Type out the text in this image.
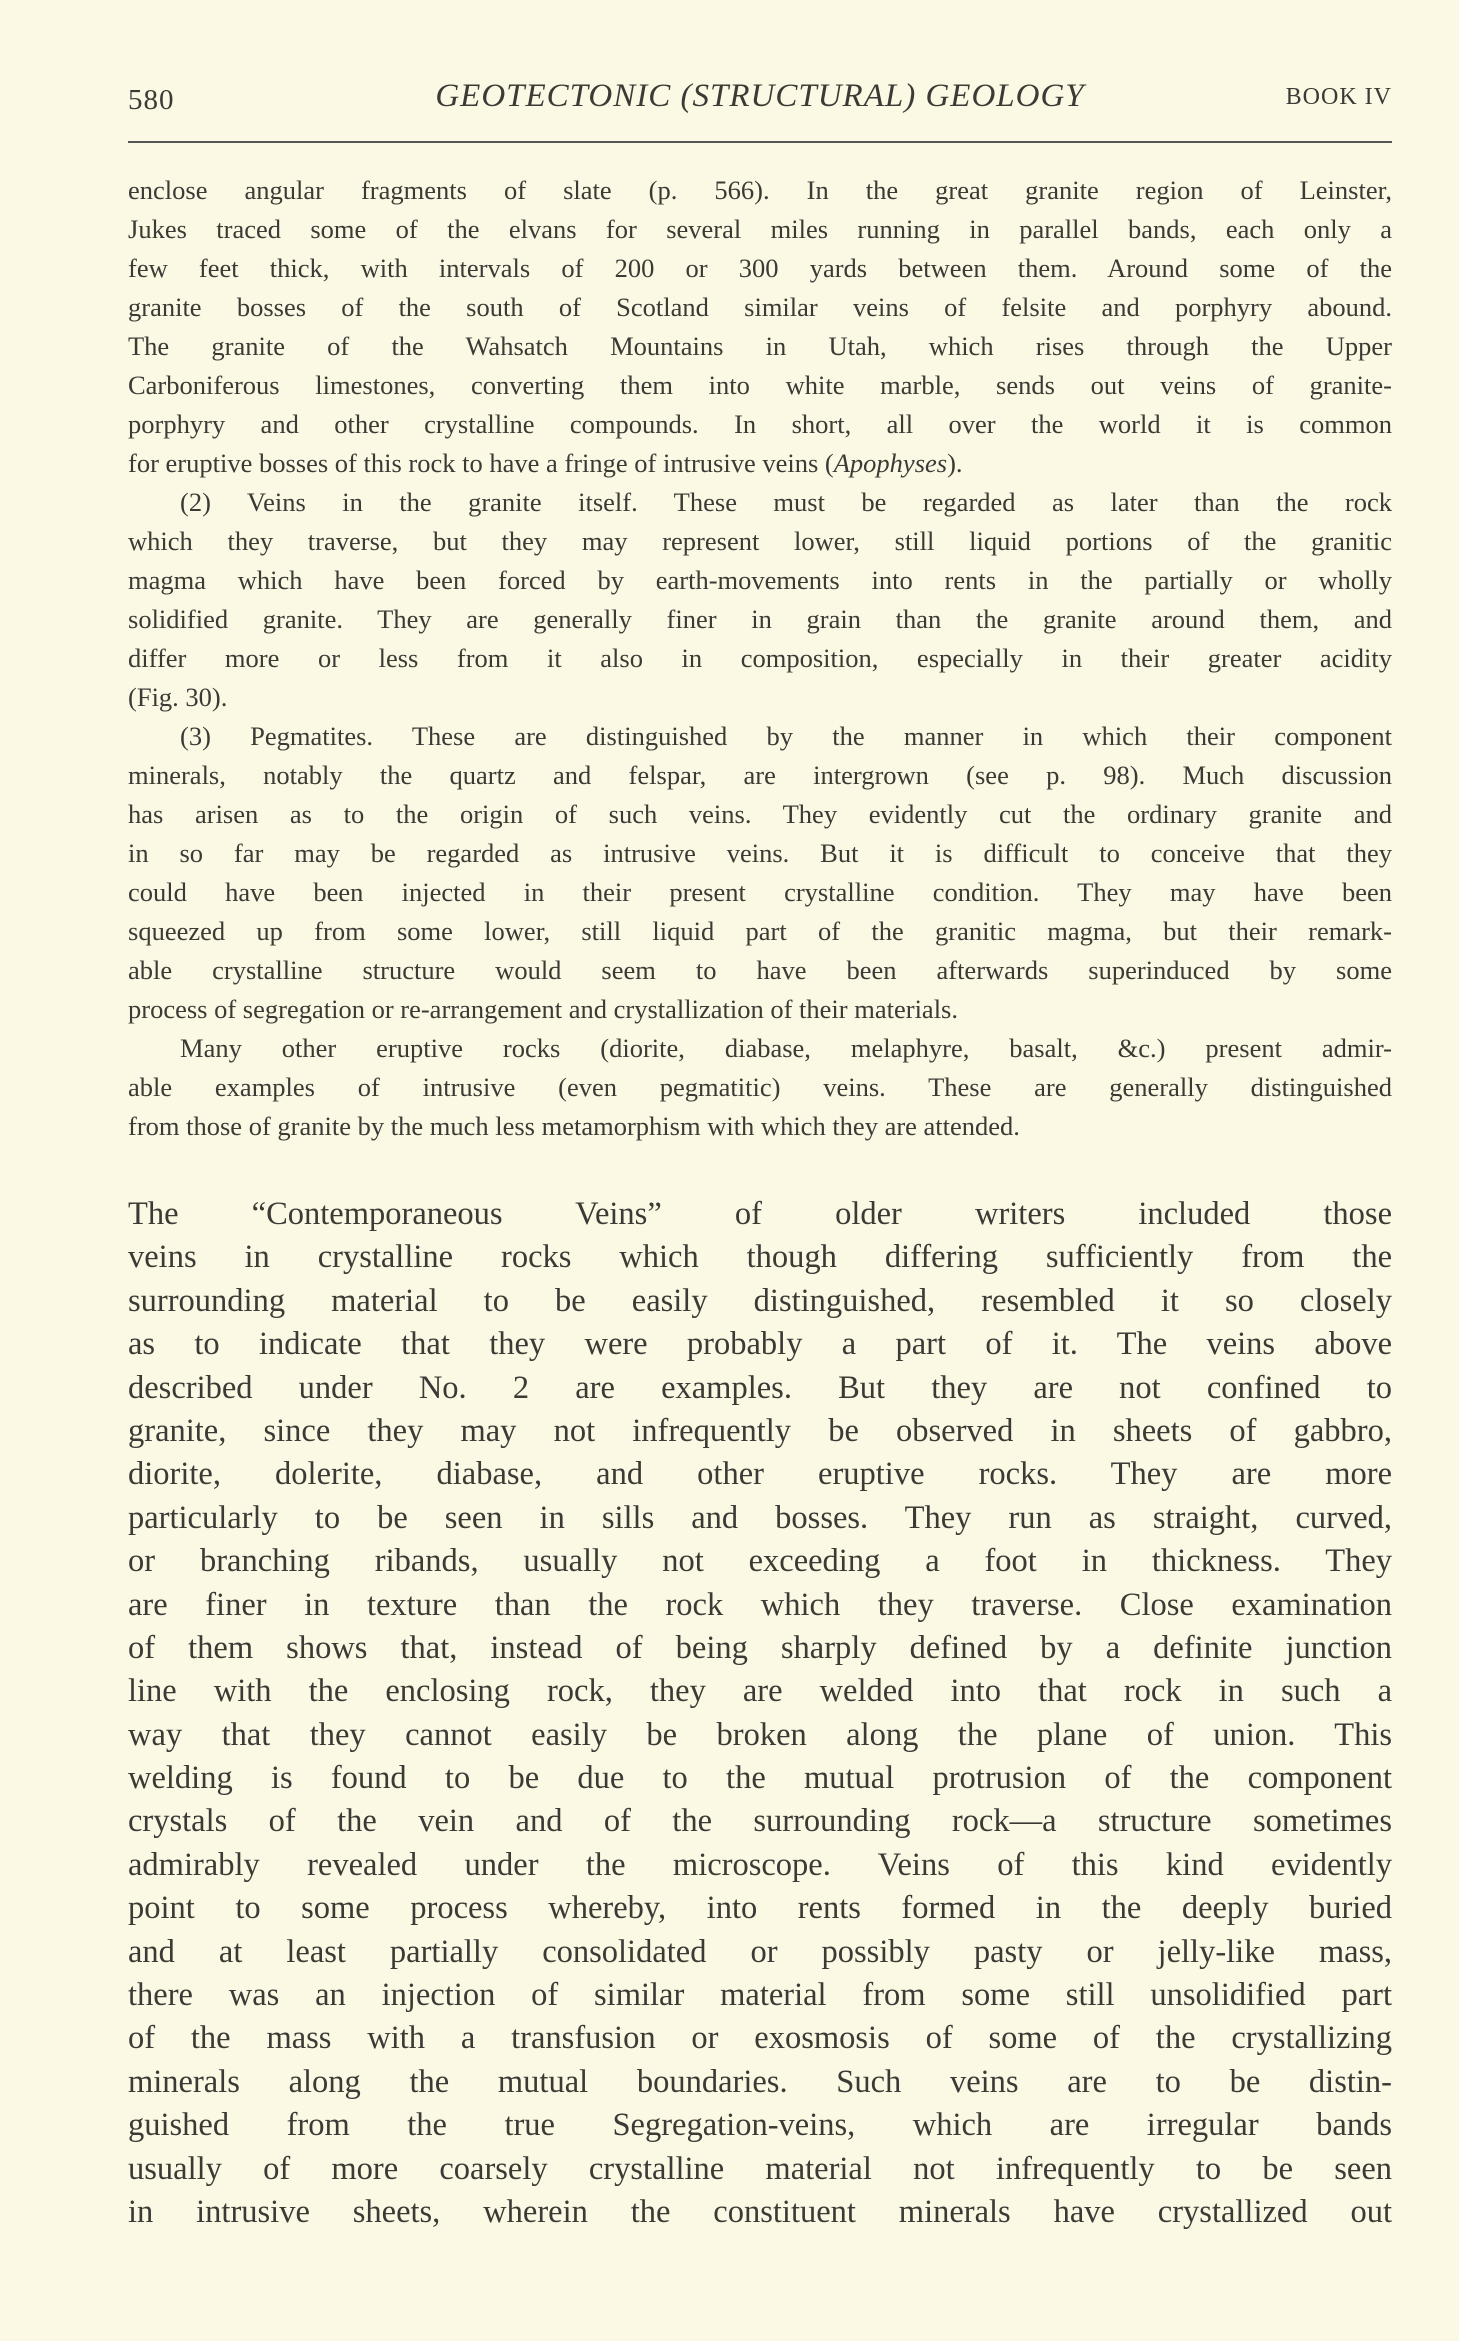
580	GEOTECTONIC (STRUCTURAL) GEOLOGY	BOOK IV
enclose angular fragments of slate (p. 566). In the great granite region of Leinster,
Jukes traced some of the elvans for several miles running in parallel bands, each only a
few feet thick, with intervals of 200 or 300 yards between them. Around some of the
granite bosses of the south of Scotland similar veins of felsite and porphyry abound.
The granite of the Wahsatch Mountains in Utah, which rises through the Upper
Carboniferous limestones, converting them into white marble, sends out veins of granite-
porphyry and other crystalline compounds. In short, all over the world it is common
for eruptive bosses of this rock to have a fringe of intrusive veins (Apophyses).
(2) Veins in the granite itself. These must be regarded as later than the rock
which they traverse, but they may represent lower, still liquid portions of the granitic
magma which have been forced by earth-movements into rents in the partially or wholly
solidified granite. They are generally finer in grain than the granite around them, and
differ more or less from it also in composition, especially in their greater acidity
(Fig. 30).
(3) Pegmatites. These are distinguished by the manner in which their component
minerals, notably the quartz and felspar, are intergrown (see p. 98). Much discussion
has arisen as to the origin of such veins. They evidently cut the ordinary granite and
in so far may be regarded as intrusive veins. But it is difficult to conceive that they
could have been injected in their present crystalline condition. They may have been
squeezed up from some lower, still liquid part of the granitic magma, but their remark-
able crystalline structure would seem to have been afterwards superinduced by some
process of segregation or re-arrangement and crystallization of their materials.
Many other eruptive rocks (diorite, diabase, melaphyre, basalt, &c.) present admir-
able examples of intrusive (even pegmatitic) veins. These are generally distinguished
from those of granite by the much less metamorphism with which they are attended.
The “Contemporaneous Veins” of older writers included those
veins in crystalline rocks which though differing sufficiently from the
surrounding material to be easily distinguished, resembled it so closely
as to indicate that they were probably a part of it. The veins above
described under No. 2 are examples. But they are not confined to
granite, since they may not infrequently be observed in sheets of gabbro,
diorite, dolerite, diabase, and other eruptive rocks. They are more
particularly to be seen in sills and bosses. They run as straight, curved,
or branching ribands, usually not exceeding a foot in thickness. They
are finer in texture than the rock which they traverse. Close examination
of them shows that, instead of being sharply defined by a definite junction
line with the enclosing rock, they are welded into that rock in such a
way that they cannot easily be broken along the plane of union. This
welding is found to be due to the mutual protrusion of the component
crystals of the vein and of the surrounding rock—a structure sometimes
admirably revealed under the microscope. Veins of this kind evidently
point to some process whereby, into rents formed in the deeply buried
and at least partially consolidated or possibly pasty or jelly-like mass,
there was an injection of similar material from some still unsolidified part
of the mass with a transfusion or exosmosis of some of the crystallizing
minerals along the mutual boundaries. Such veins are to be distin-
guished from the true Segregation-veins, which are irregular bands
usually of more coarsely crystalline material not infrequently to be seen
in intrusive sheets, wherein the constituent minerals have crystallized out
